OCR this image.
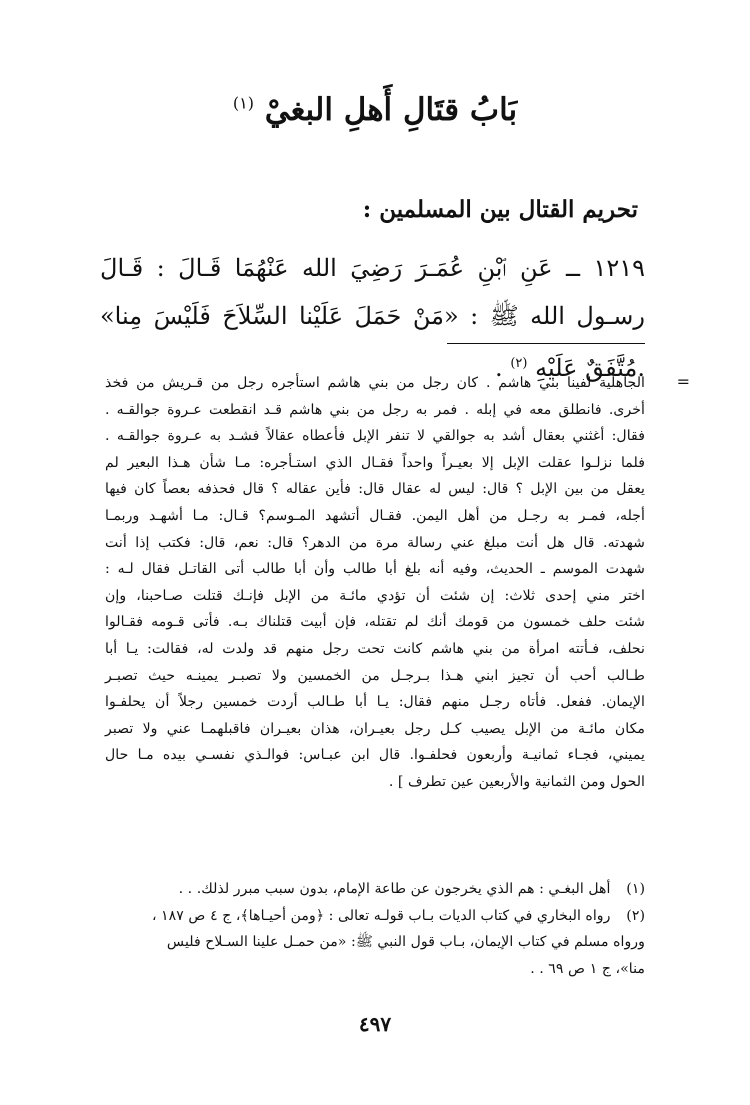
بَابُ قتَالِ أَهلِ البغيْ $^{(١)}$
تحريم القتال بين المسلمين :
١٢١٩ ــ عَنِ ٱبْنِ عُمَـرَ رَضِيَ الله عَنْهُمَا قَـالَ : قَـالَ رسـول الله ﷺ : «مَنْ حَمَلَ عَلَيْنا السِّلاَحَ فَلَيْسَ مِنا» .مُتَّفَقٌ عَلَيْهِ $^{(٢)}$ .	=
الجاهلية لفينا بني هاشم . كان رجل من بني هاشم استأجره رجل من قـريش من فخذ
أخرى. فانطلق معه في إبله . فمر به رجل من بني هاشم قـد انقطعت عـروة جوالقـه .
فقال: أغثني بعقال أشد به جوالقي لا تنفر الإبل فأعطاه عقالاً فشـد به عـروة جوالقـه .
فلما نزلـوا عقلت الإبل إلا بعيـراً واحداً فقـال الذي استـأجره: مـا شأن هـذا البعير لم
يعقل من بين الإبل ؟ قال: ليس له عقال قال: فأين عقاله ؟ قال فحذفه بعصاً كان فيها
أجله، فمـر به رجـل من أهل اليمن. فقـال أتشهد المـوسم؟ قـال: مـا أشهـد وربمـا
شهدته. قال هل أنت مبلغ عني رسالة مرة من الدهر؟ قال: نعم، قال: فكتب إذا أنت
شهدت الموسم ـ الحديث، وفيه أنه بلغ أبا طالب وأن أبا طالب أتى القاتـل فقال لـه :
اختر مني إحدى ثلاث: إن شئت أن تؤدي مائـة من الإبل فإنـك قتلت صـاحبنا، وإن
شئت حلف خمسون من قومك أنك لم تقتله، فإن أبيت قتلناك بـه. فأتى قـومه فقـالوا
نحلف، فـأتته امرأة من بني هاشم كانت تحت رجل منهم قد ولدت له، فقالت: يـا أبا
طـالب أحب أن تجيز ابني هـذا بـرجـل من الخمسين ولا تصبـر يمينـه حيث تصبـر
الإيمان. ففعل. فأتاه رجـل منهم فقال: يـا أبا طـالب أردت خمسين رجلاً أن يحلفـوا
مكان مائـة من الإبل يصيب كـل رجل بعيـران، هذان بعيـران فاقبلهمـا عني ولا تصبر
يميني، فجـاء ثمانيـة وأربعون فحلفـوا. قال ابن عبـاس: فوالـذي نفسـي بيده مـا حال
الحول ومن الثمانية والأربعين عين تطرف ] .
(١) أهل البغـي : هم الذي يخرجون عن طاعة الإمام، بدون سبب مبرر لذلك. . .
(٢) رواه البخاري في كتاب الديات بـاب قولـه تعالى : ﴿ومن أحيـاها﴾، ج ٤ ص ١٨٧ ،
ورواه مسلم في كتاب الإيمان، بـاب قول النبي ﷺ: «من حمـل علينا السـلاح فليس
منا»، ج ١ ص ٦٩ . .
٤٩٧
